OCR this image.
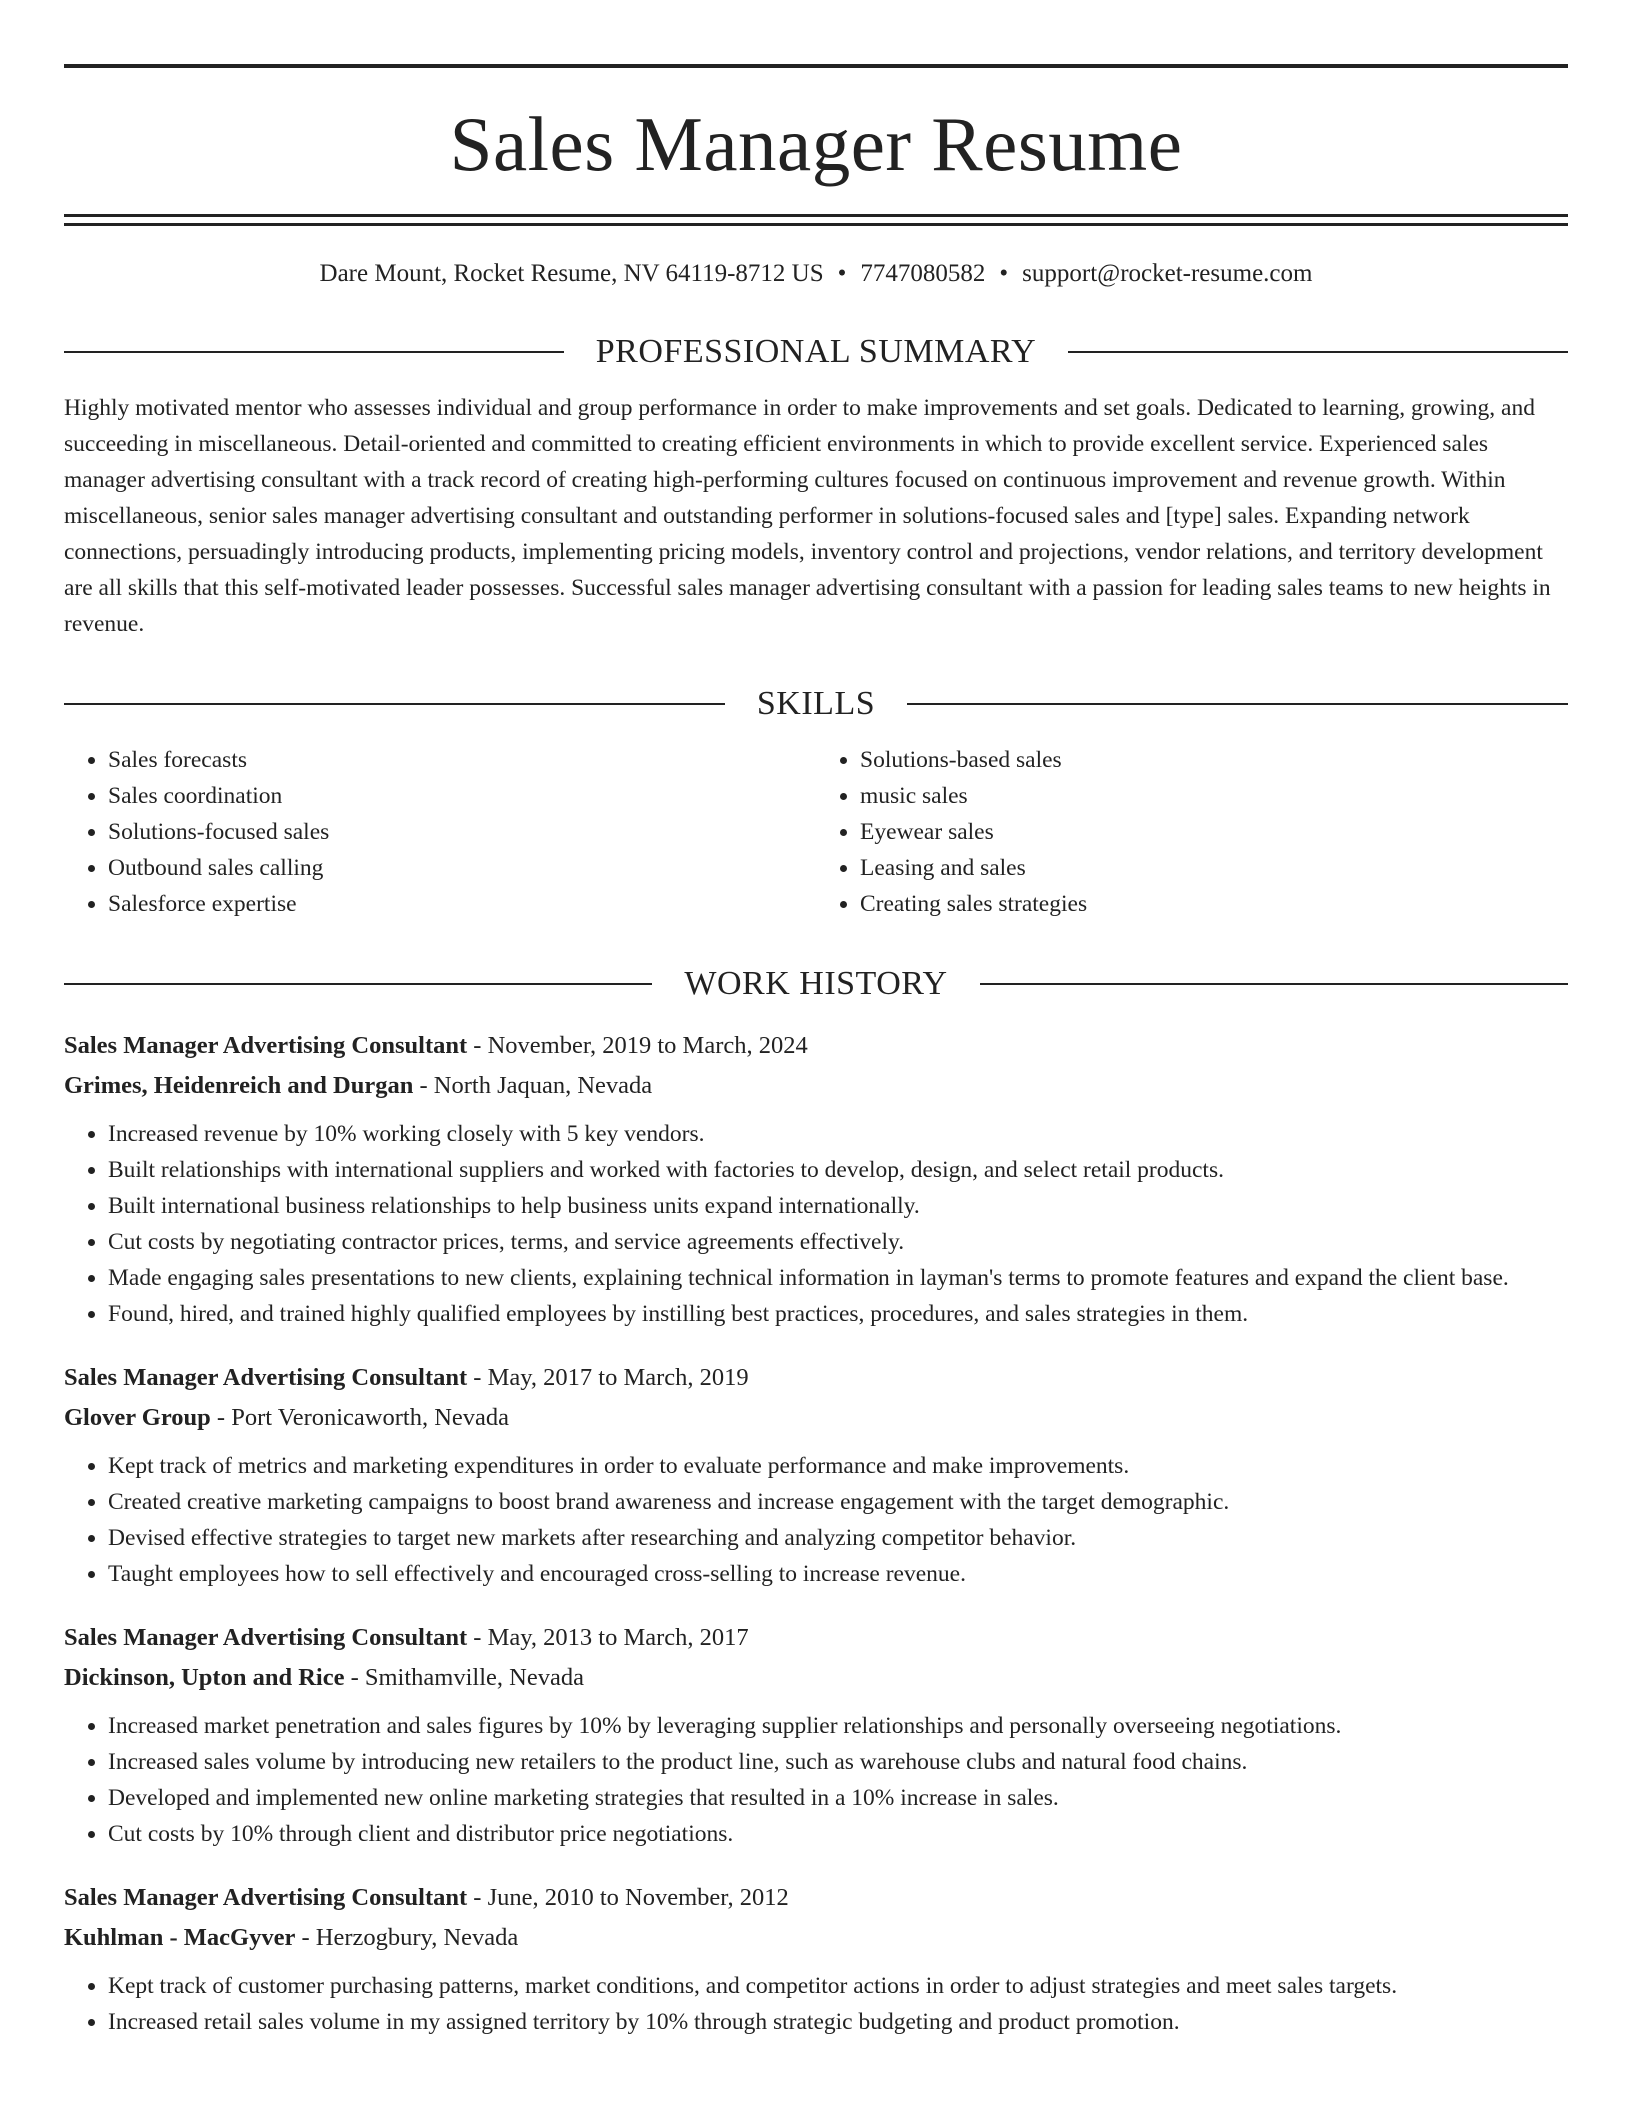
Sales Manager Resume
Dare Mount, Rocket Resume, NV 64119-8712 US • 7747080582 • support@rocket-resume.com
PROFESSIONAL SUMMARY
Highly motivated mentor who assesses individual and group performance in order to make improvements and set goals. Dedicated to learning, growing, and succeeding in miscellaneous. Detail-oriented and committed to creating efficient environments in which to provide excellent service. Experienced sales manager advertising consultant with a track record of creating high-performing cultures focused on continuous improvement and revenue growth. Within miscellaneous, senior sales manager advertising consultant and outstanding performer in solutions-focused sales and [type] sales. Expanding network connections, persuadingly introducing products, implementing pricing models, inventory control and projections, vendor relations, and territory development are all skills that this self-motivated leader possesses. Successful sales manager advertising consultant with a passion for leading sales teams to new heights in revenue.
SKILLS
• Sales forecasts
• Sales coordination
• Solutions-focused sales
• Outbound sales calling
• Salesforce expertise
• Solutions-based sales
• music sales
• Eyewear sales
• Leasing and sales
• Creating sales strategies
WORK HISTORY
Sales Manager Advertising Consultant - November, 2019 to March, 2024
Grimes, Heidenreich and Durgan - North Jaquan, Nevada
• Increased revenue by 10% working closely with 5 key vendors.
• Built relationships with international suppliers and worked with factories to develop, design, and select retail products.
• Built international business relationships to help business units expand internationally.
• Cut costs by negotiating contractor prices, terms, and service agreements effectively.
• Made engaging sales presentations to new clients, explaining technical information in layman's terms to promote features and expand the client base.
• Found, hired, and trained highly qualified employees by instilling best practices, procedures, and sales strategies in them.
Sales Manager Advertising Consultant - May, 2017 to March, 2019
Glover Group - Port Veronicaworth, Nevada
• Kept track of metrics and marketing expenditures in order to evaluate performance and make improvements.
• Created creative marketing campaigns to boost brand awareness and increase engagement with the target demographic.
• Devised effective strategies to target new markets after researching and analyzing competitor behavior.
• Taught employees how to sell effectively and encouraged cross-selling to increase revenue.
Sales Manager Advertising Consultant - May, 2013 to March, 2017
Dickinson, Upton and Rice - Smithamville, Nevada
• Increased market penetration and sales figures by 10% by leveraging supplier relationships and personally overseeing negotiations.
• Increased sales volume by introducing new retailers to the product line, such as warehouse clubs and natural food chains.
• Developed and implemented new online marketing strategies that resulted in a 10% increase in sales.
• Cut costs by 10% through client and distributor price negotiations.
Sales Manager Advertising Consultant - June, 2010 to November, 2012
Kuhlman - MacGyver - Herzogbury, Nevada
• Kept track of customer purchasing patterns, market conditions, and competitor actions in order to adjust strategies and meet sales targets.
• Increased retail sales volume in my assigned territory by 10% through strategic budgeting and product promotion.
